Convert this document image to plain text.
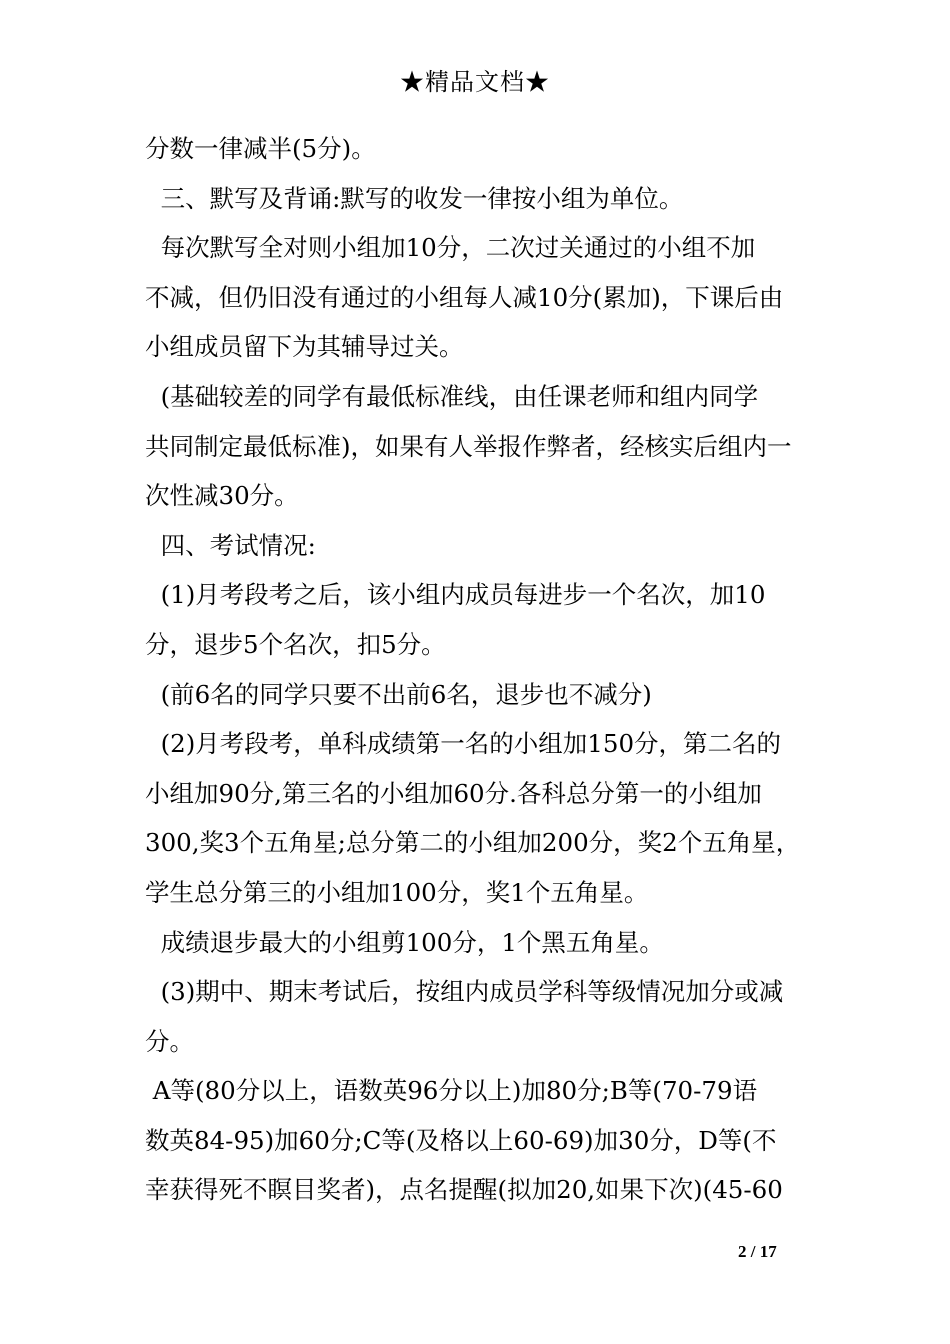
★精品文档★
分数一律减半(5分)。
三、默写及背诵:默写的收发一律按小组为单位。
每次默写全对则小组加10分，二次过关通过的小组不加
不减，但仍旧没有通过的小组每人减10分(累加)，下课后由
小组成员留下为其辅导过关。
(基础较差的同学有最低标准线，由任课老师和组内同学
共同制定最低标准)，如果有人举报作弊者，经核实后组内一
次性减30分。
四、考试情况:
(1)月考段考之后，该小组内成员每进步一个名次，加10
分，退步5个名次，扣5分。
(前6名的同学只要不出前6名，退步也不减分)
(2)月考段考，单科成绩第一名的小组加150分，第二名的
小组加90分,第三名的小组加60分.各科总分第一的小组加
300,奖3个五角星;总分第二的小组加200分，奖2个五角星，
学生总分第三的小组加100分，奖1个五角星。
成绩退步最大的小组剪100分，1个黑五角星。
(3)期中、期末考试后，按组内成员学科等级情况加分或减
分。
A等(80分以上，语数英96分以上)加80分;B等(70-79语
数英84-95)加60分;C等(及格以上60-69)加30分，D等(不
幸获得死不瞑目奖者)，点名提醒(拟加20,如果下次)(45-60
2 / 17
